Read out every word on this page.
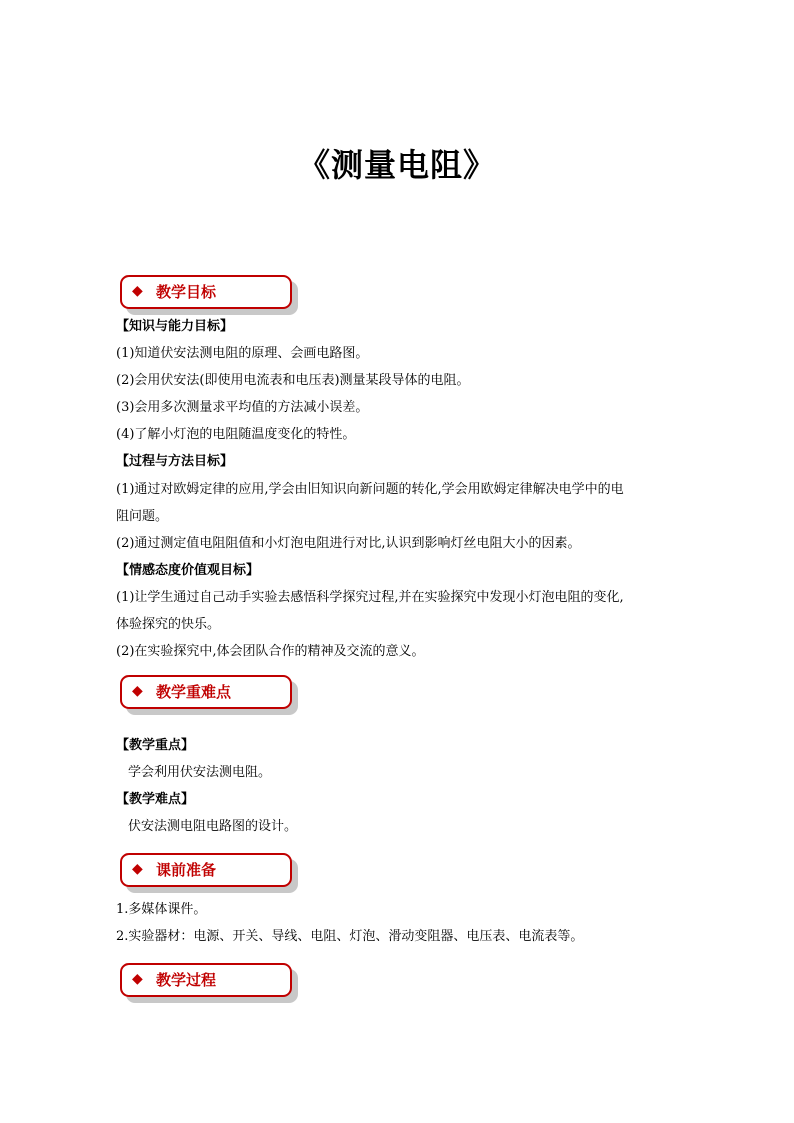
《测量电阻》
◆ 教学目标
【知识与能力目标】
(1)知道伏安法测电阻的原理、会画电路图。
(2)会用伏安法(即使用电流表和电压表)测量某段导体的电阻。
(3)会用多次测量求平均值的方法减小误差。
(4)了解小灯泡的电阻随温度变化的特性。
【过程与方法目标】
(1)通过对欧姆定律的应用,学会由旧知识向新问题的转化,学会用欧姆定律解决电学中的电
阻问题。
(2)通过测定值电阻阻值和小灯泡电阻进行对比,认识到影响灯丝电阻大小的因素。
【情感态度价值观目标】
(1)让学生通过自己动手实验去感悟科学探究过程,并在实验探究中发现小灯泡电阻的变化,
体验探究的快乐。
(2)在实验探究中,体会团队合作的精神及交流的意义。
◆ 教学重难点
【教学重点】
学会利用伏安法测电阻。
【教学难点】
伏安法测电阻电路图的设计。
◆ 课前准备
1.多媒体课件。
2.实验器材：电源、开关、导线、电阻、灯泡、滑动变阻器、电压表、电流表等。
◆ 教学过程
